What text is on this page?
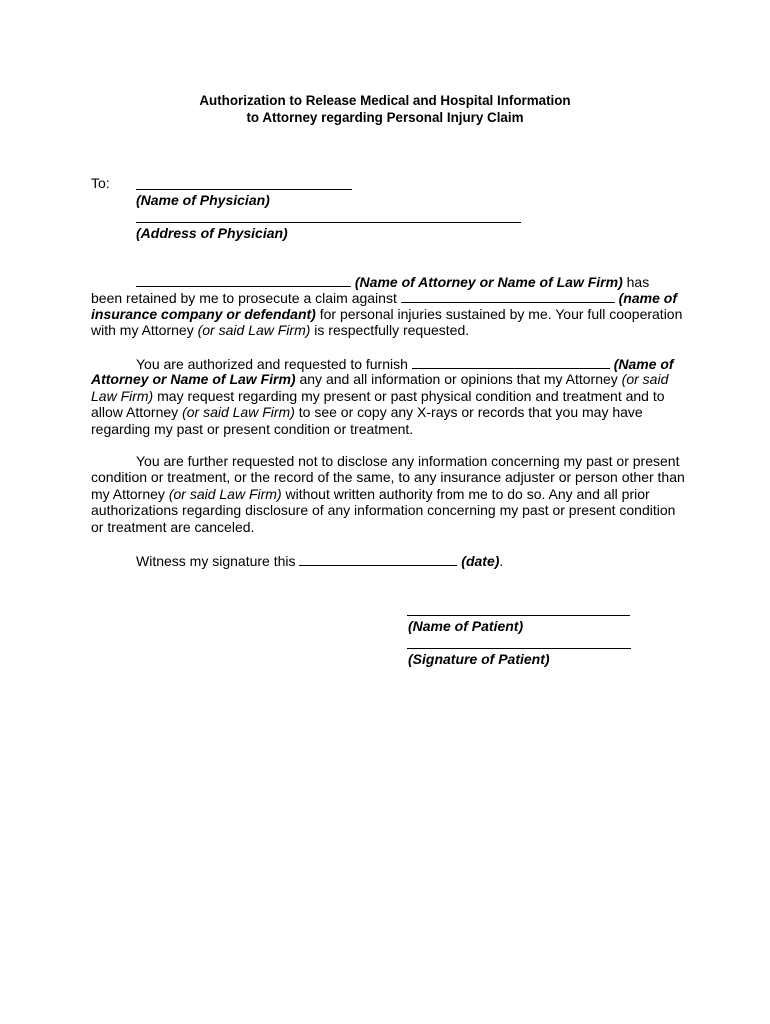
Authorization to Release Medical and Hospital Information
to Attorney regarding Personal Injury Claim
To:
(Name of Physician)
(Address of Physician)
(Name of Attorney or Name of Law Firm) has
been retained by me to prosecute a claim against	(name of
insurance company or defendant) for personal injuries sustained by me. Your full cooperation
with my Attorney (or said Law Firm) is respectfully requested.
You are authorized and requested to furnish	(Name of
Attorney or Name of Law Firm) any and all information or opinions that my Attorney (or said
Law Firm) may request regarding my present or past physical condition and treatment and to
allow Attorney (or said Law Firm) to see or copy any X-rays or records that you may have
regarding my past or present condition or treatment.
You are further requested not to disclose any information concerning my past or present
condition or treatment, or the record of the same, to any insurance adjuster or person other than
my Attorney (or said Law Firm) without written authority from me to do so. Any and all prior
authorizations regarding disclosure of any information concerning my past or present condition
or treatment are canceled.
Witness my signature this	(date).
(Name of Patient)
(Signature of Patient)
